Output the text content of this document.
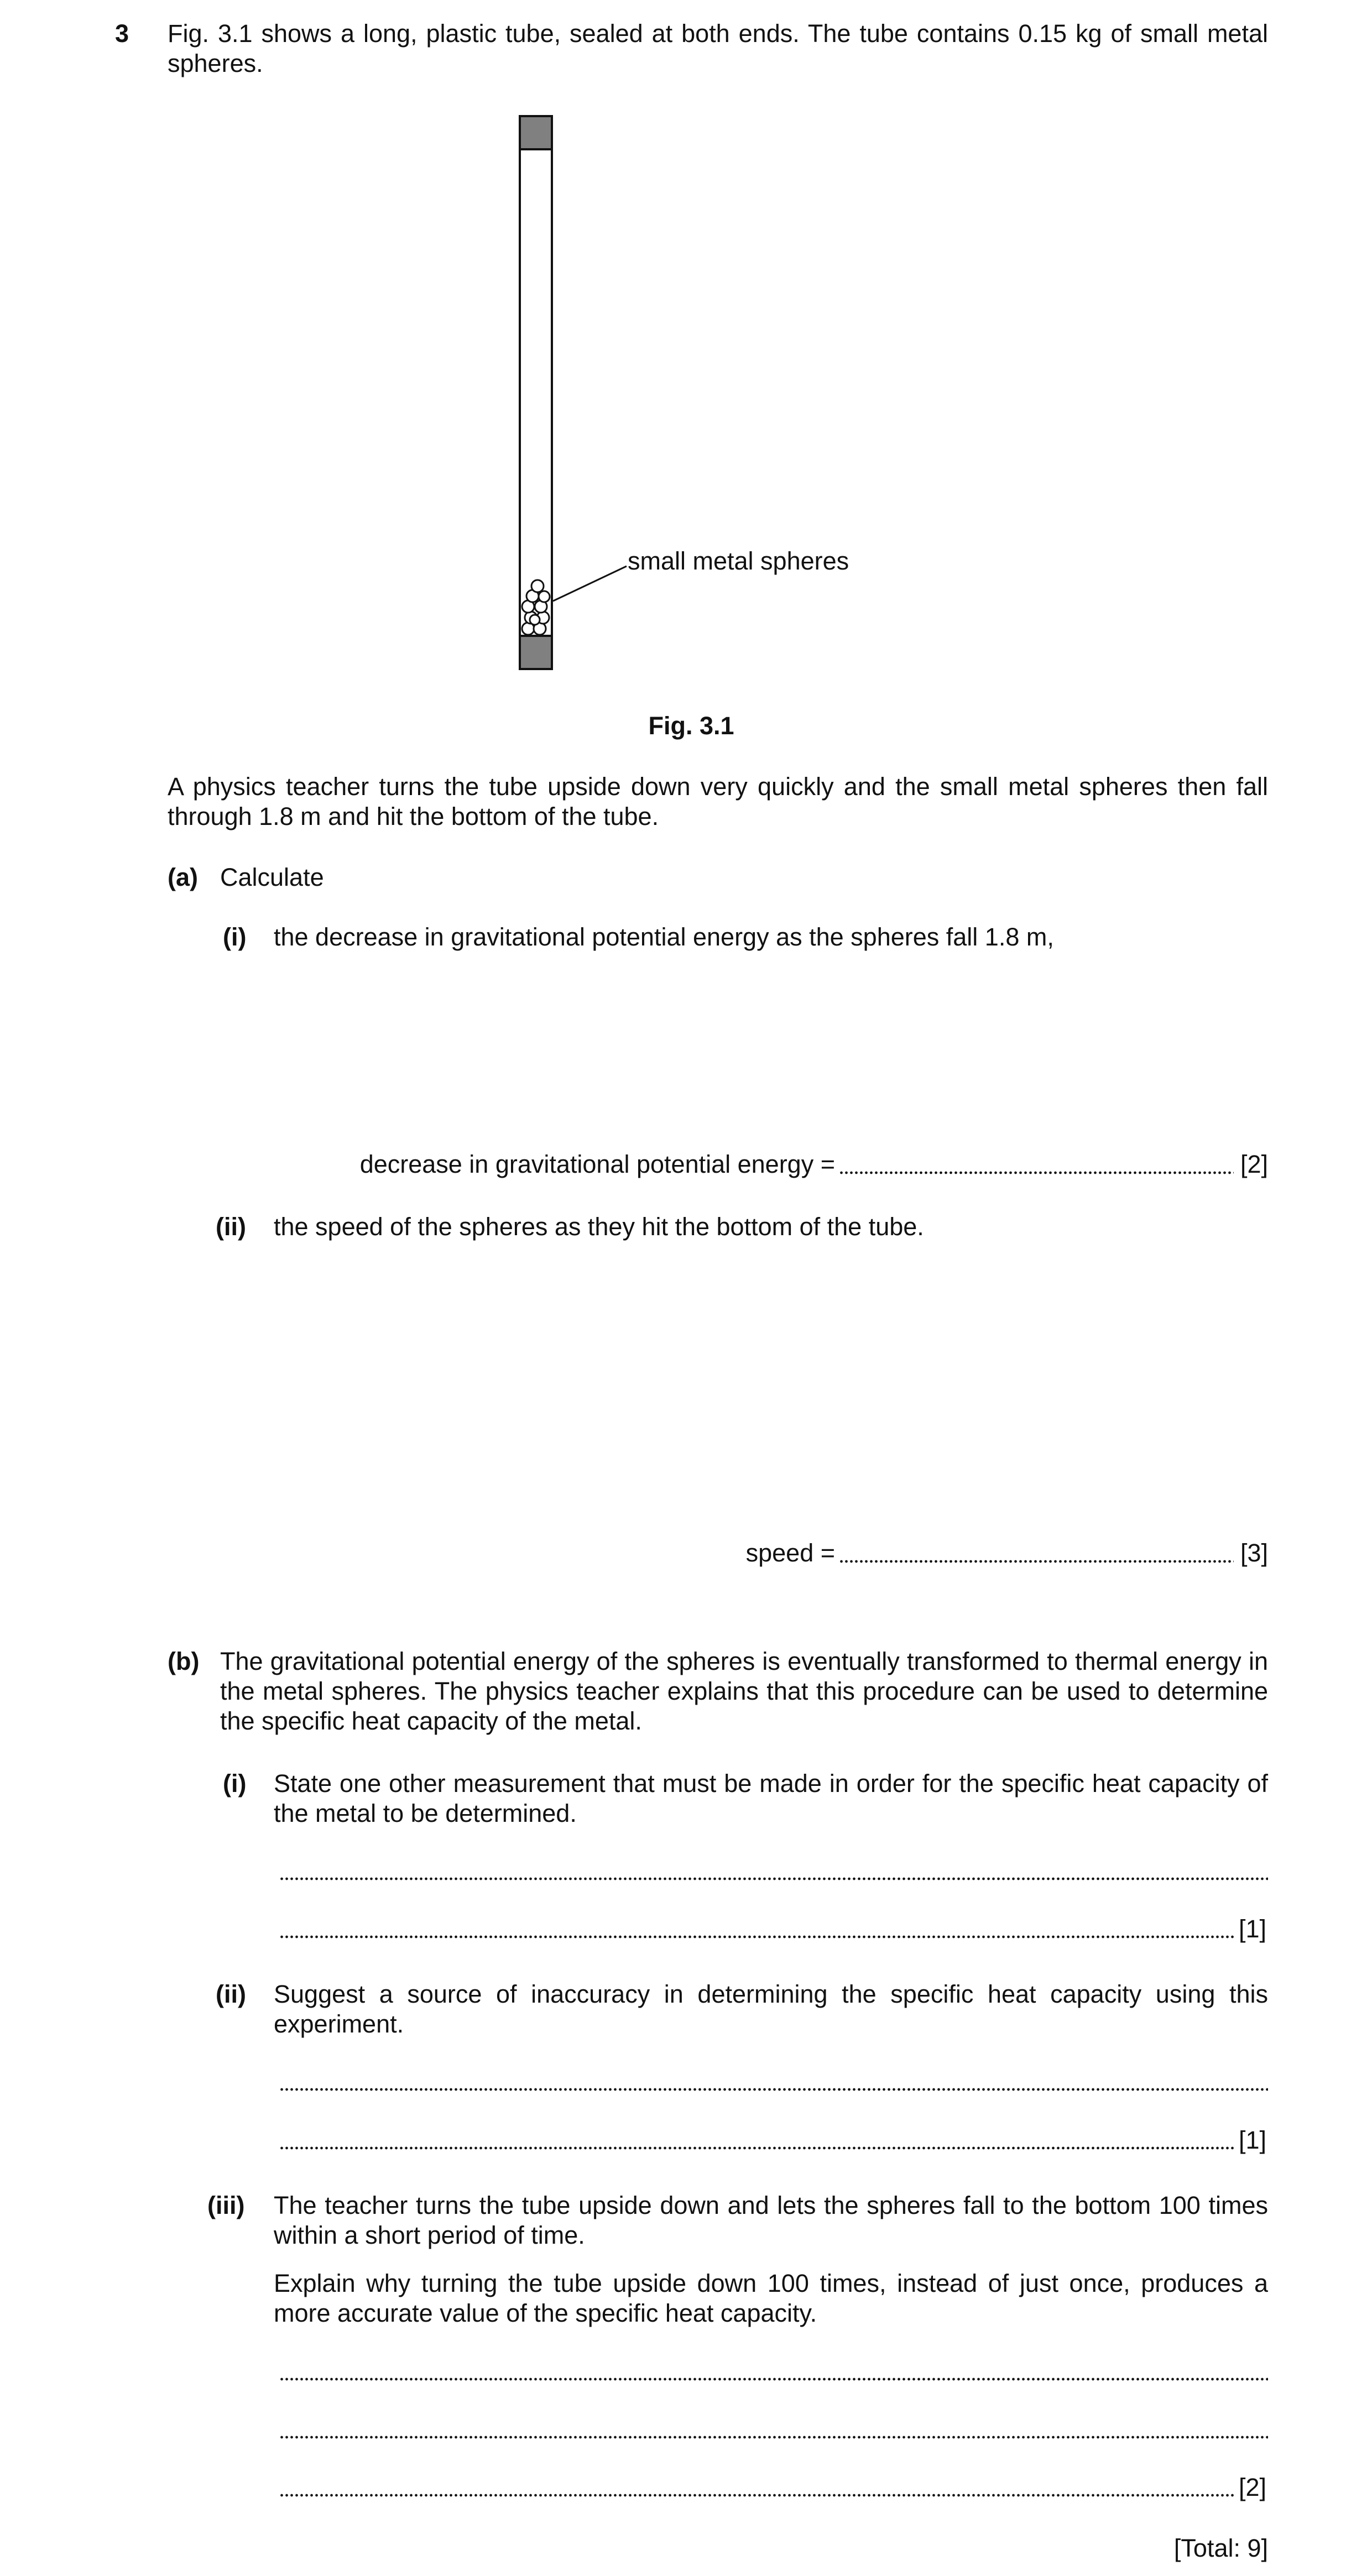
3 Fig. 3.1 shows a long, plastic tube, sealed at both ends. The tube contains 0.15 kg of small metal spheres.
small metal spheres
Fig. 3.1
A physics teacher turns the tube upside down very quickly and the small metal spheres then fall through 1.8 m and hit the bottom of the tube.
(a) Calculate
(i) the decrease in gravitational potential energy as the spheres fall 1.8 m,
decrease in gravitational potential energy =	[2]
(ii) the speed of the spheres as they hit the bottom of the tube.
speed =	[3]
(b) The gravitational potential energy of the spheres is eventually transformed to thermal energy in the metal spheres. The physics teacher explains that this procedure can be used to determine the specific heat capacity of the metal.
(i) State one other measurement that must be made in order for the specific heat capacity of the metal to be determined.
[1]
(ii) Suggest a source of inaccuracy in determining the specific heat capacity using this experiment.
[1]
(iii) The teacher turns the tube upside down and lets the spheres fall to the bottom 100 times within a short period of time.
Explain why turning the tube upside down 100 times, instead of just once, produces a more accurate value of the specific heat capacity.
[2]
[Total: 9]
